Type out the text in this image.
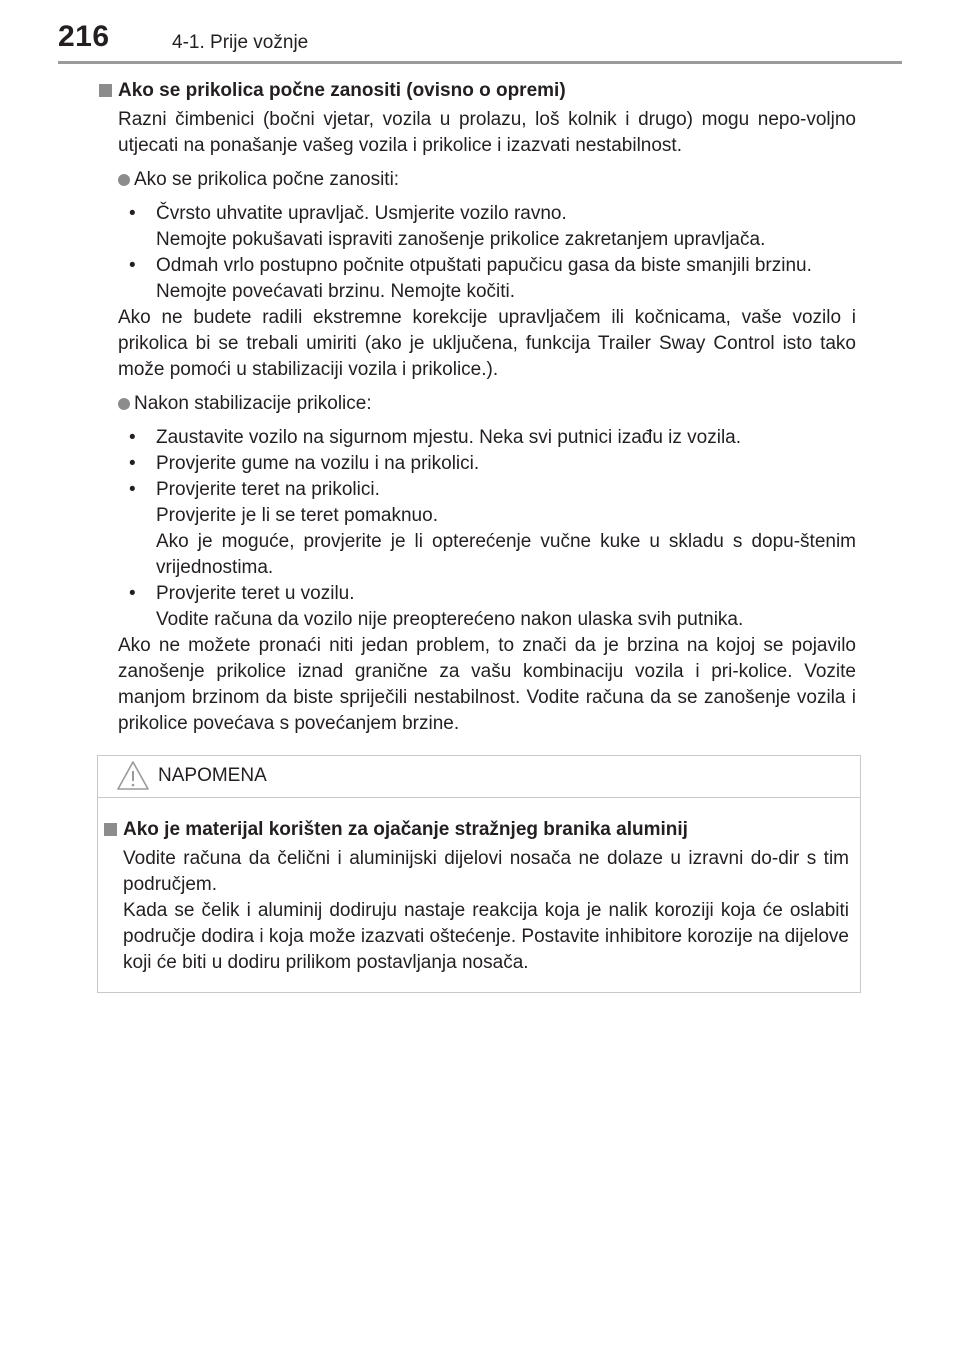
216	4-1. Prije vožnje
Ako se prikolica počne zanositi (ovisno o opremi)

Razni čimbenici (bočni vjetar, vozila u prolazu, loš kolnik i drugo) mogu nepo-voljno utjecati na ponašanje vašeg vozila i prikolice i izazvati nestabilnost.

Ako se prikolica počne zanositi:
• Čvrsto uhvatite upravljač. Usmjerite vozilo ravno.
Nemojte pokušavati ispraviti zanošenje prikolice zakretanjem upravljača.
• Odmah vrlo postupno počnite otpuštati papučicu gasa da biste smanjili brzinu.
Nemojte povećavati brzinu. Nemojte kočiti.

Ako ne budete radili ekstremne korekcije upravljačem ili kočnicama, vaše vozilo i prikolica bi se trebali umiriti (ako je uključena, funkcija Trailer Sway Control isto tako može pomoći u stabilizaciji vozila i prikolice.).

Nakon stabilizacije prikolice:
• Zaustavite vozilo na sigurnom mjestu. Neka svi putnici izađu iz vozila.
• Provjerite gume na vozilu i na prikolici.
• Provjerite teret na prikolici.
Provjerite je li se teret pomaknuo.
Ako je moguće, provjerite je li opterećenje vučne kuke u skladu s dopu-štenim vrijednostima.
• Provjerite teret u vozilu.
Vodite računa da vozilo nije preopterećeno nakon ulaska svih putnika.

Ako ne možete pronaći niti jedan problem, to znači da je brzina na kojoj se pojavilo zanošenje prikolice iznad granične za vašu kombinaciju vozila i pri-kolice. Vozite manjom brzinom da biste spriječili nestabilnost. Vodite računa da se zanošenje vozila i prikolice povećava s povećanjem brzine.

NAPOMENA
Ako je materijal korišten za ojačanje stražnjeg branika aluminij

Vodite računa da čelični i aluminijski dijelovi nosača ne dolaze u izravni do-dir s tim područjem.

Kada se čelik i aluminij dodiruju nastaje reakcija koja je nalik koroziji koja će oslabiti područje dodira i koja može izazvati oštećenje. Postavite inhibitore korozije na dijelove koji će biti u dodiru prilikom postavljanja nosača.
